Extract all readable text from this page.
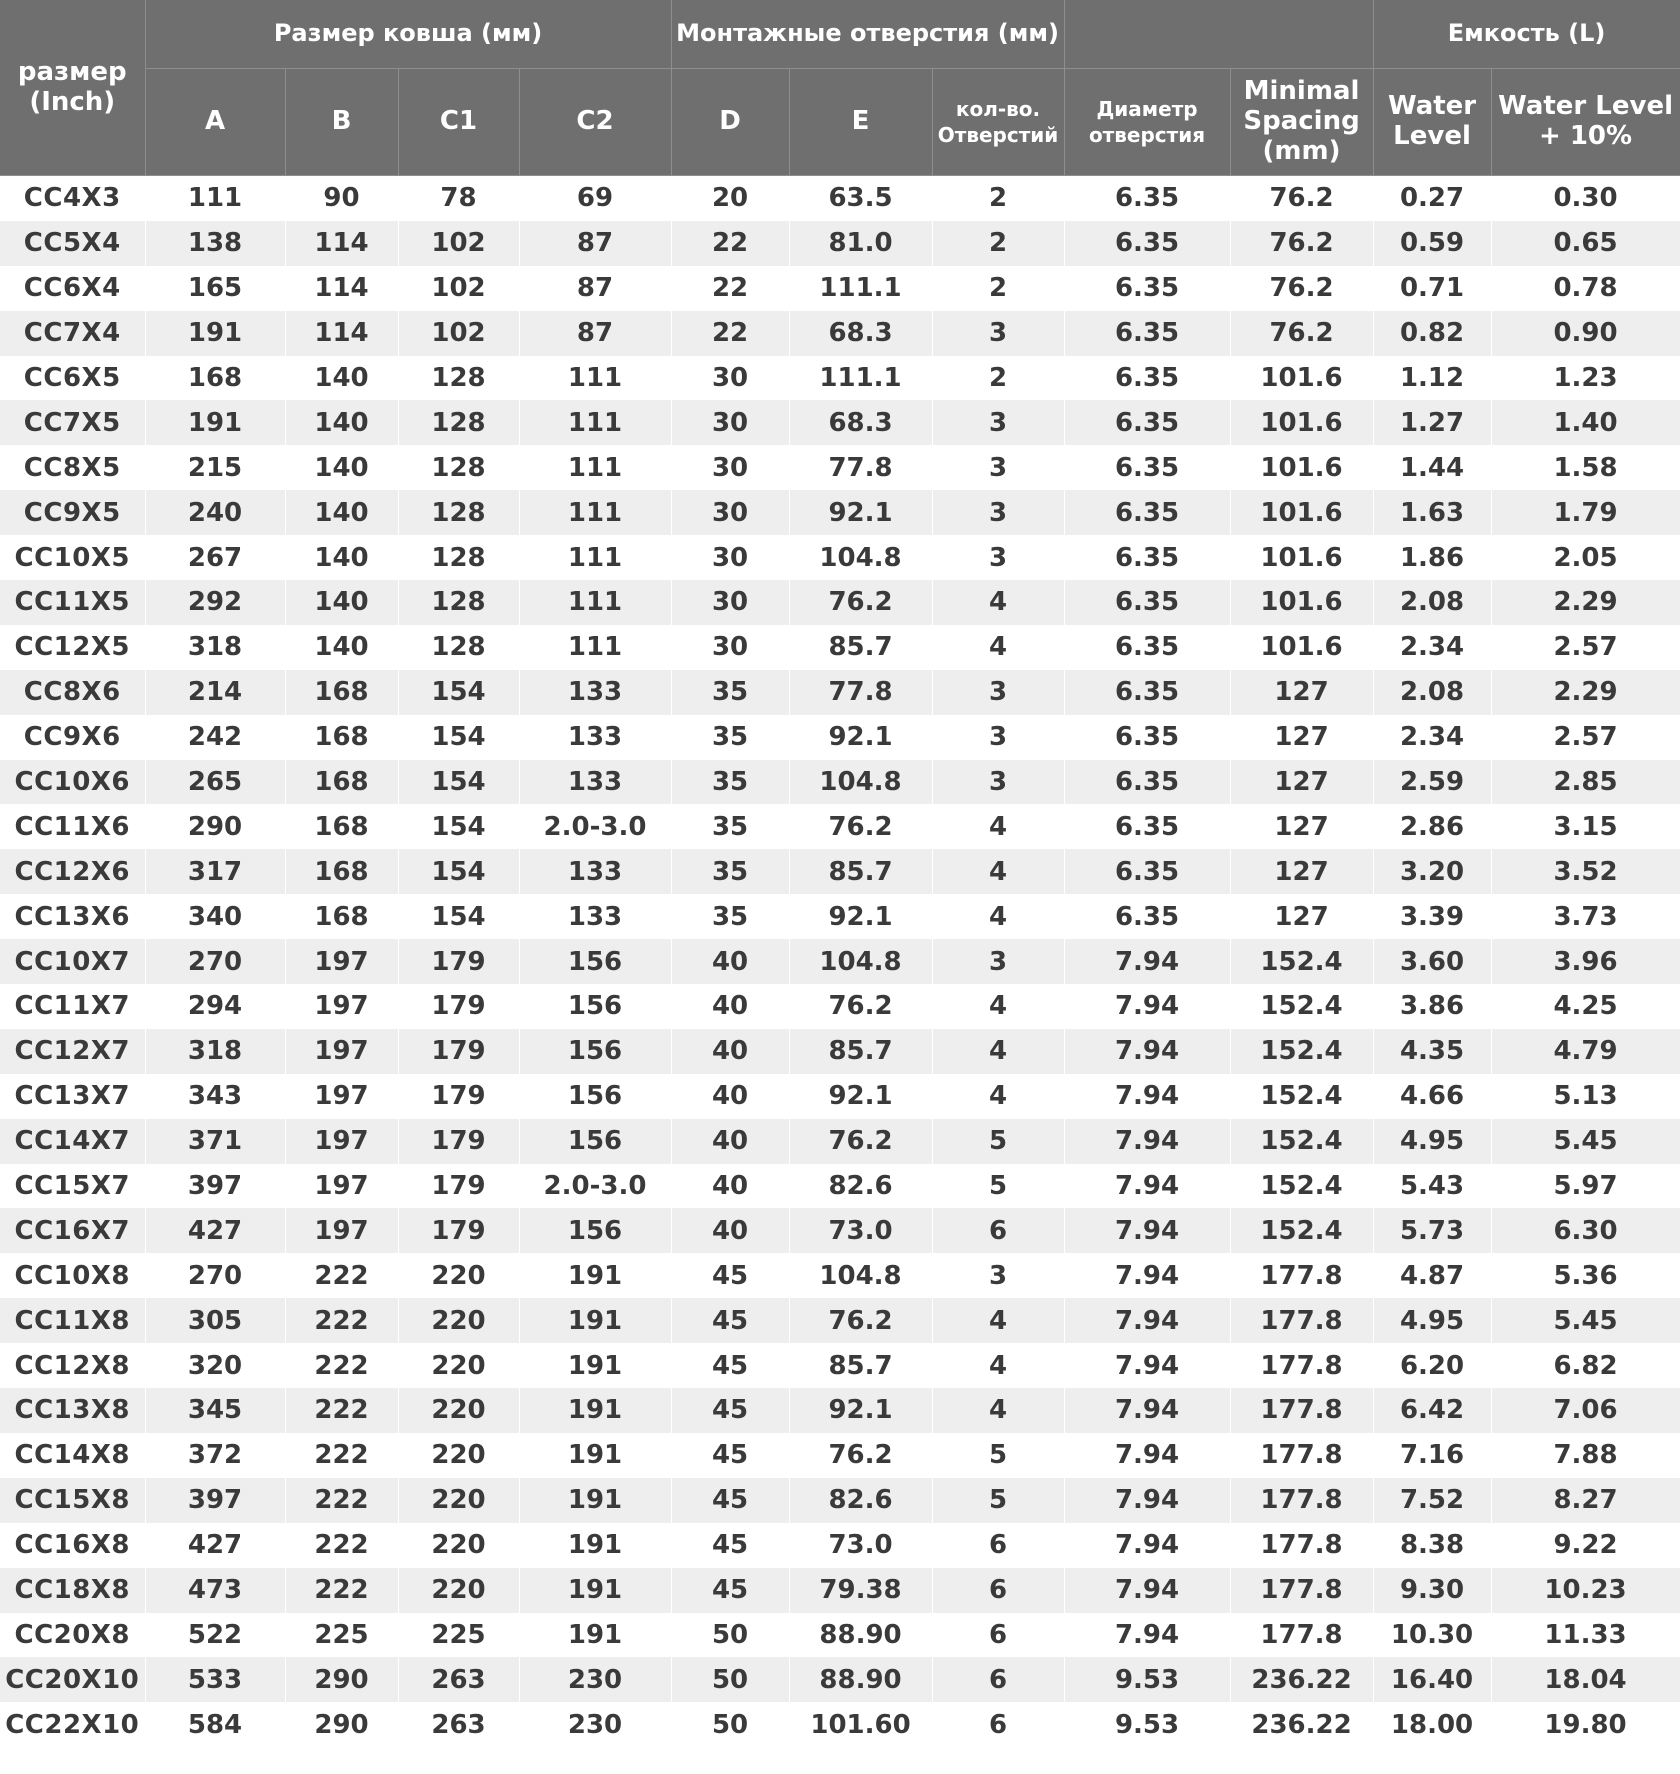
размер (Inch)	Размер ковша (мм)				Монтажные отверстия (мм)					Емкость (L)	
	A	B	C1	C2	D	E	кол-во. Отверстий	Диаметр отверстия	Minimal Spacing (mm)	Water Level	Water Level + 10%
CC4X3	111	90	78	69	20	63.5	2	6.35	76.2	0.27	0.30
CC5X4	138	114	102	87	22	81.0	2	6.35	76.2	0.59	0.65
CC6X4	165	114	102	87	22	111.1	2	6.35	76.2	0.71	0.78
CC7X4	191	114	102	87	22	68.3	3	6.35	76.2	0.82	0.90
CC6X5	168	140	128	111	30	111.1	2	6.35	101.6	1.12	1.23
CC7X5	191	140	128	111	30	68.3	3	6.35	101.6	1.27	1.40
CC8X5	215	140	128	111	30	77.8	3	6.35	101.6	1.44	1.58
CC9X5	240	140	128	111	30	92.1	3	6.35	101.6	1.63	1.79
CC10X5	267	140	128	111	30	104.8	3	6.35	101.6	1.86	2.05
CC11X5	292	140	128	111	30	76.2	4	6.35	101.6	2.08	2.29
CC12X5	318	140	128	111	30	85.7	4	6.35	101.6	2.34	2.57
CC8X6	214	168	154	133	35	77.8	3	6.35	127	2.08	2.29
CC9X6	242	168	154	133	35	92.1	3	6.35	127	2.34	2.57
CC10X6	265	168	154	133	35	104.8	3	6.35	127	2.59	2.85
CC11X6	290	168	154	2.0-3.0	35	76.2	4	6.35	127	2.86	3.15
CC12X6	317	168	154	133	35	85.7	4	6.35	127	3.20	3.52
CC13X6	340	168	154	133	35	92.1	4	6.35	127	3.39	3.73
CC10X7	270	197	179	156	40	104.8	3	7.94	152.4	3.60	3.96
CC11X7	294	197	179	156	40	76.2	4	7.94	152.4	3.86	4.25
CC12X7	318	197	179	156	40	85.7	4	7.94	152.4	4.35	4.79
CC13X7	343	197	179	156	40	92.1	4	7.94	152.4	4.66	5.13
CC14X7	371	197	179	156	40	76.2	5	7.94	152.4	4.95	5.45
CC15X7	397	197	179	2.0-3.0	40	82.6	5	7.94	152.4	5.43	5.97
CC16X7	427	197	179	156	40	73.0	6	7.94	152.4	5.73	6.30
CC10X8	270	222	220	191	45	104.8	3	7.94	177.8	4.87	5.36
CC11X8	305	222	220	191	45	76.2	4	7.94	177.8	4.95	5.45
CC12X8	320	222	220	191	45	85.7	4	7.94	177.8	6.20	6.82
CC13X8	345	222	220	191	45	92.1	4	7.94	177.8	6.42	7.06
CC14X8	372	222	220	191	45	76.2	5	7.94	177.8	7.16	7.88
CC15X8	397	222	220	191	45	82.6	5	7.94	177.8	7.52	8.27
CC16X8	427	222	220	191	45	73.0	6	7.94	177.8	8.38	9.22
CC18X8	473	222	220	191	45	79.38	6	7.94	177.8	9.30	10.23
CC20X8	522	225	225	191	50	88.90	6	7.94	177.8	10.30	11.33
CC20X10	533	290	263	230	50	88.90	6	9.53	236.22	16.40	18.04
CC22X10	584	290	263	230	50	101.60	6	9.53	236.22	18.00	19.80
